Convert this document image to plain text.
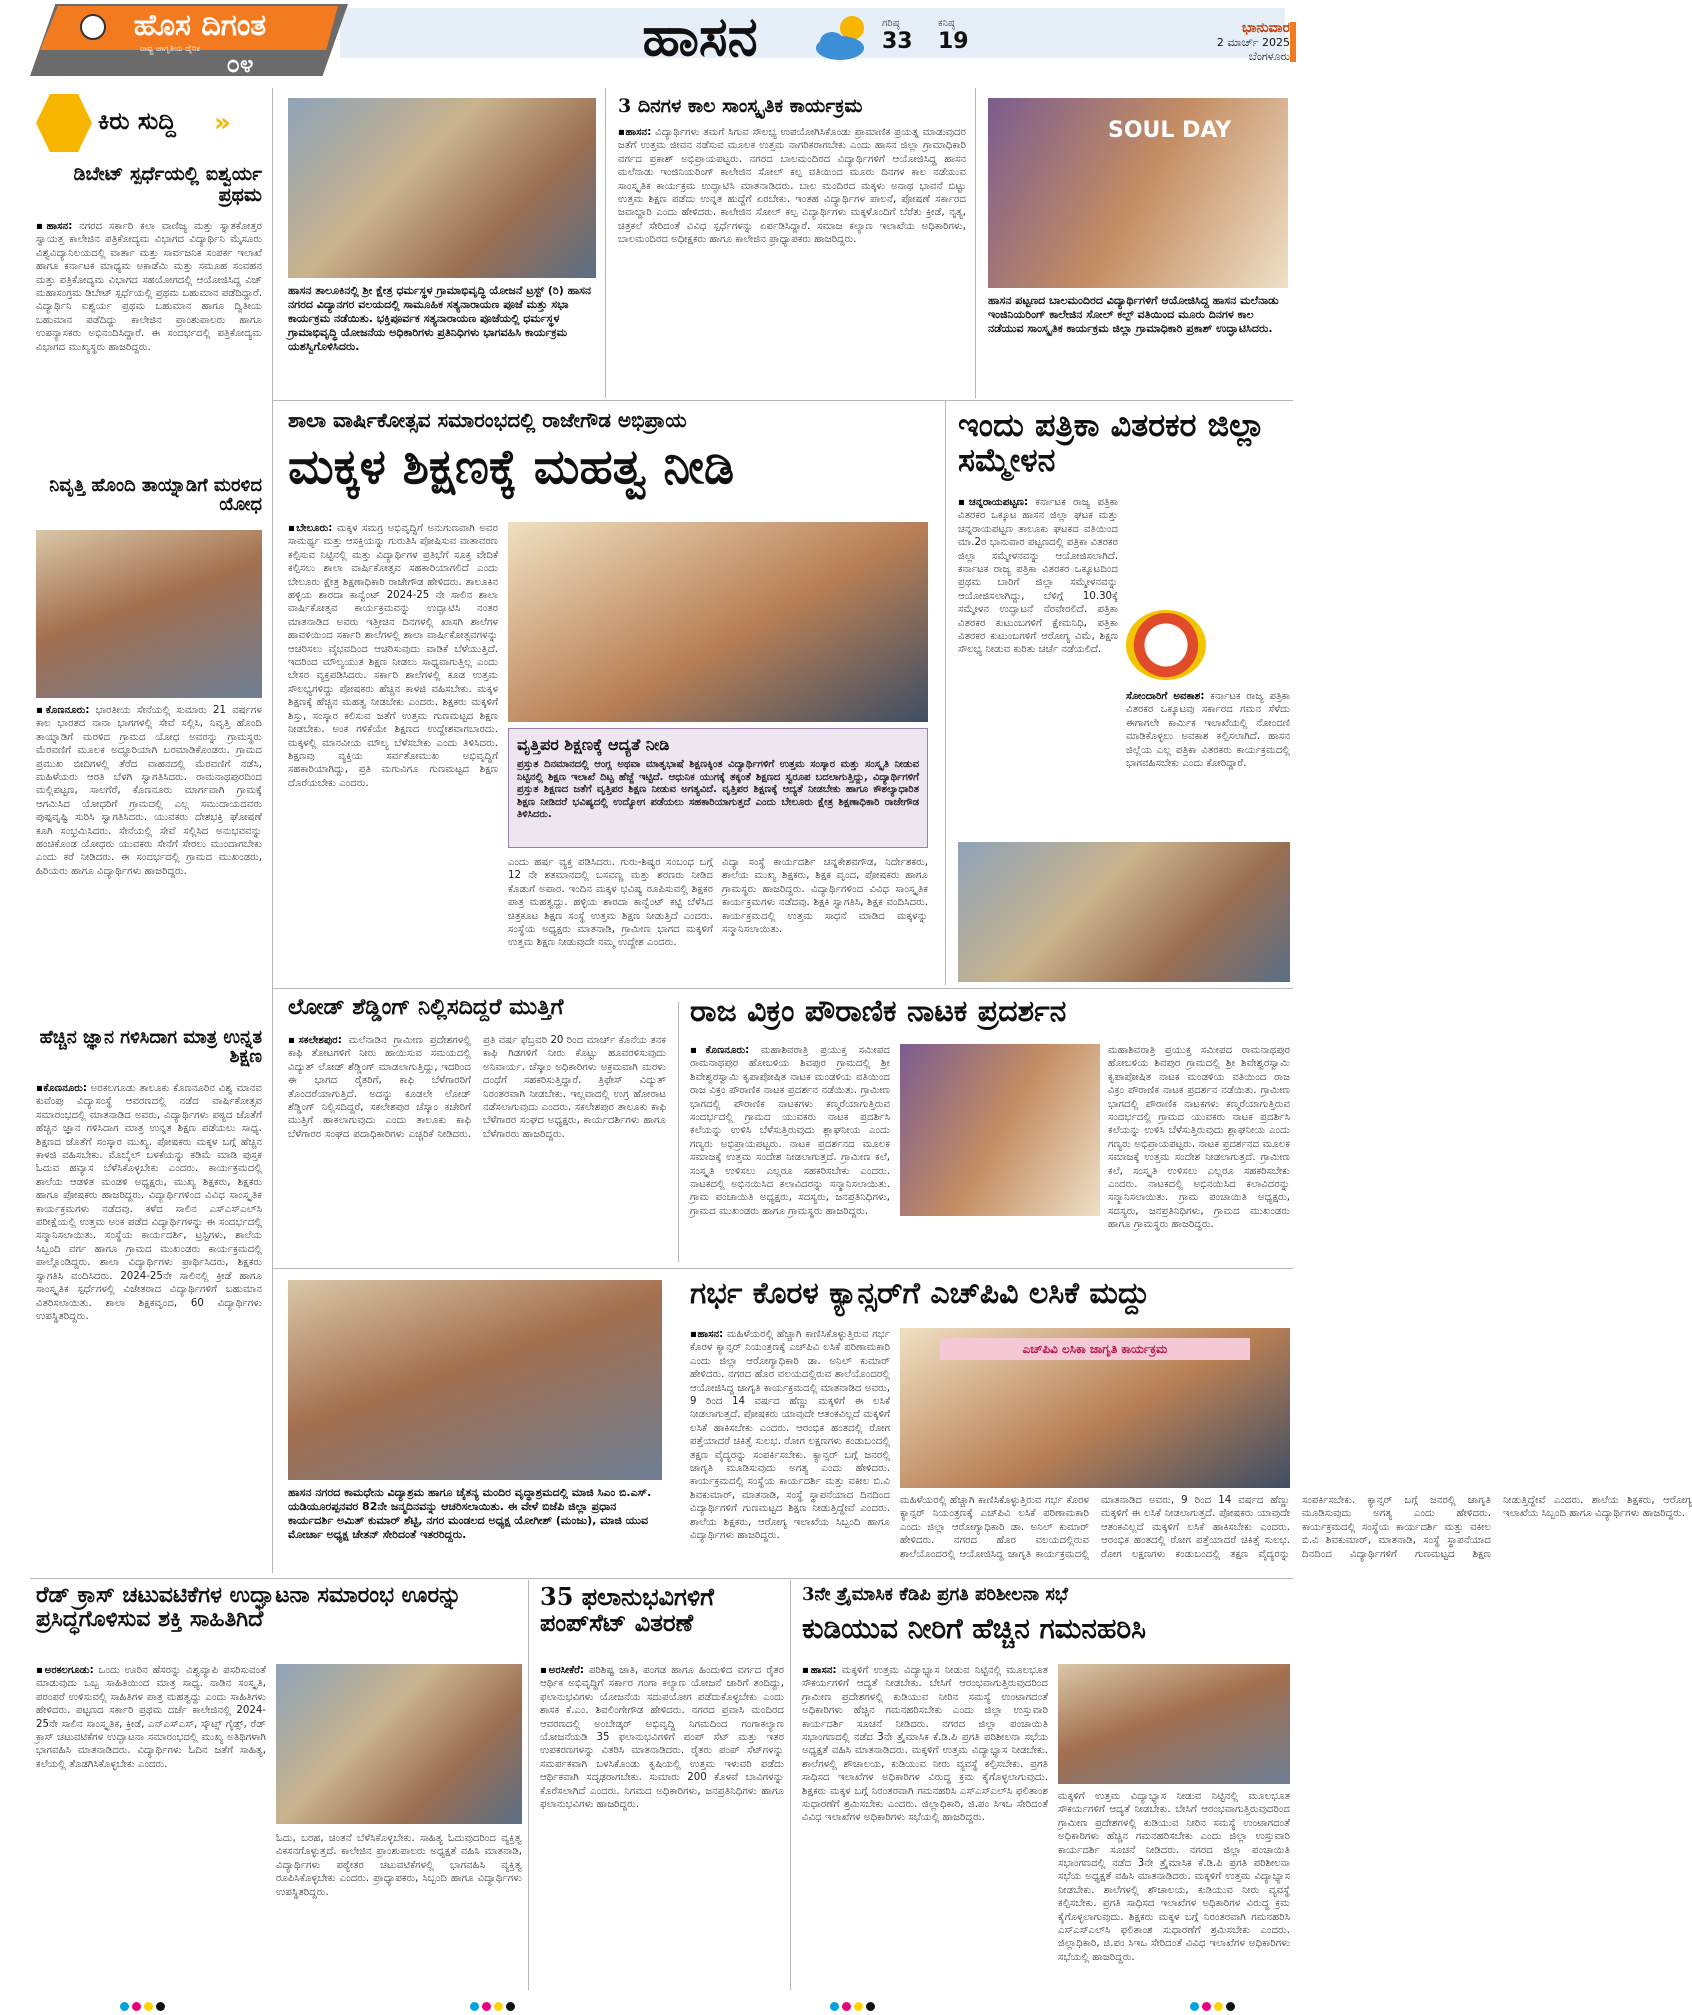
ಹೊಸ ದಿಗಂತ
ರಾಷ್ಟ್ರ ಜಾಗೃತಿಯ ದೈನಿಕ
೦೪	ಹಾಸನ	ಗರಿಷ್ಠ
33
ಕನಿಷ್ಠ
19
ಭಾನುವಾರ
2 ಮಾರ್ಚ್ 2025
ಬೆಂಗಳೂರು
ಕಿರು ಸುದ್ದಿ	»
ಡಿಬೇಟ್ ಸ್ಪರ್ಧೆಯಲ್ಲಿ ಐಶ್ವರ್ಯ ಪ್ರಥಮ
▪ಹಾಸನ: ನಗರದ ಸರ್ಕಾರಿ ಕಲಾ ವಾಣಿಜ್ಯ ಮತ್ತು ಸ್ನಾತಕೋತ್ತರ ಸ್ವಾಯತ್ತ ಕಾಲೇಜಿನ ಪತ್ರಿಕೋದ್ಯಮ ವಿಭಾಗದ ವಿದ್ಯಾರ್ಥಿನಿ ಮೈಸೂರು ವಿಶ್ವವಿದ್ಯಾನಿಲಯದಲ್ಲಿ ವಾರ್ತಾ ಮತ್ತು ಸಾರ್ವಜನಿಕ ಸಂಪರ್ಕ ಇಲಾಖೆ ಹಾಗೂ ಕರ್ನಾಟಕ ಮಾಧ್ಯಮ ಅಕಾಡೆಮಿ ಮತ್ತು ಸಮೂಹ ಸಂವಹನ ಮತ್ತು ಪತ್ರಿಕೋದ್ಯಮ ವಿಭಾಗದ ಸಹಯೋಗದಲ್ಲಿ ಆಯೋಜಿಸಿದ್ದ ವಿಜ್ ಮಹಾಸಂಗ್ರಮ ಡಿಬೇಟ್ ಸ್ಪರ್ಧೆಯಲ್ಲಿ ಪ್ರಥಮ ಬಹುಮಾನ ಪಡೆದಿದ್ದಾರೆ. ವಿದ್ಯಾರ್ಥಿನಿ ಐಶ್ವರ್ಯ ಪ್ರಥಮ ಬಹುಮಾನ ಹಾಗೂ ದ್ವಿತೀಯ ಬಹುಮಾನ ಪಡೆದಿದ್ದು ಕಾಲೇಜಿನ ಪ್ರಾಂಶುಪಾಲರು ಹಾಗೂ ಉಪನ್ಯಾಸಕರು ಅಭಿನಂದಿಸಿದ್ದಾರೆ. ಈ ಸಂದರ್ಭದಲ್ಲಿ ಪತ್ರಿಕೋದ್ಯಮ ವಿಭಾಗದ ಮುಖ್ಯಸ್ಥರು ಹಾಜರಿದ್ದರು.
ನಿವೃತ್ತಿ ಹೊಂದಿ ತಾಯ್ನಾಡಿಗೆ ಮರಳಿದ ಯೋಧ
▪ಕೊಣನೂರು: ಭಾರತೀಯ ಸೇನೆಯಲ್ಲಿ ಸುಮಾರು 21 ವರ್ಷಗಳ ಕಾಲ ಭಾರತದ ನಾನಾ ಭಾಗಗಳಲ್ಲಿ ಸೇವೆ ಸಲ್ಲಿಸಿ, ನಿವೃತ್ತಿ ಹೊಂದಿ ತಾಯ್ನಾಡಿಗೆ ಮರಳಿದ ಗ್ರಾಮದ ಯೋಧ ಅವರನ್ನು ಗ್ರಾಮಸ್ಥರು ಮೆರವಣಿಗೆ ಮೂಲಕ ಅದ್ದೂರಿಯಾಗಿ ಬರಮಾಡಿಕೊಂಡರು. ಗ್ರಾಮದ ಪ್ರಮುಖ ಬೀದಿಗಳಲ್ಲಿ ತೆರೆದ ವಾಹನದಲ್ಲಿ ಮೆರವಣಿಗೆ ನಡೆಸಿ, ಮಹಿಳೆಯರು ಆರತಿ ಬೆಳಗಿ ಸ್ವಾಗತಿಸಿದರು. ರಾಮನಾಥಪುರದಿಂದ ಮಲ್ಲಿಪಟ್ಟಣ, ಸಾಲಗೆರೆ, ಕೊಣನೂರು ಮಾರ್ಗವಾಗಿ ಗ್ರಾಮಕ್ಕೆ ಆಗಮಿಸಿದ ಯೋಧರಿಗೆ ಗ್ರಾಮದಲ್ಲಿ ಎಲ್ಲ ಸಮುದಾಯದವರು ಪುಷ್ಪವೃಷ್ಟಿ ಸುರಿಸಿ ಸ್ವಾಗತಿಸಿದರು. ಯುವಕರು ದೇಶಭಕ್ತಿ ಘೋಷಣೆ ಕೂಗಿ ಸಂಭ್ರಮಿಸಿದರು. ಸೇನೆಯಲ್ಲಿ ಸೇವೆ ಸಲ್ಲಿಸಿದ ಅನುಭವವನ್ನು ಹಂಚಿಕೊಂಡ ಯೋಧರು ಯುವಕರು ಸೇನೆಗೆ ಸೇರಲು ಮುಂದಾಗಬೇಕು ಎಂದು ಕರೆ ನೀಡಿದರು. ಈ ಸಂದರ್ಭದಲ್ಲಿ ಗ್ರಾಮದ ಮುಖಂಡರು, ಹಿರಿಯರು ಹಾಗೂ ವಿದ್ಯಾರ್ಥಿಗಳು ಹಾಜರಿದ್ದರು.
ಹೆಚ್ಚಿನ ಜ್ಞಾನ ಗಳಿಸಿದಾಗ ಮಾತ್ರ ಉನ್ನತ ಶಿಕ್ಷಣ
▪ಕೊಣನೂರು: ಅರಕಲಗೂಡು ತಾಲೂಕು ಕೊಣನೂರಿನ ವಿಶ್ವ ಮಾನವ ಕುವೆಂಪು ವಿದ್ಯಾಸಂಸ್ಥೆ ಆವರಣದಲ್ಲಿ ನಡೆದ ವಾರ್ಷಿಕೋತ್ಸವ ಸಮಾರಂಭದಲ್ಲಿ ಮಾತನಾಡಿದ ಅವರು, ವಿದ್ಯಾರ್ಥಿಗಳು ಪಠ್ಯದ ಜೊತೆಗೆ ಹೆಚ್ಚಿನ ಜ್ಞಾನ ಗಳಿಸಿದಾಗ ಮಾತ್ರ ಉನ್ನತ ಶಿಕ್ಷಣ ಪಡೆಯಲು ಸಾಧ್ಯ. ಶಿಕ್ಷಣದ ಜೊತೆಗೆ ಸಂಸ್ಕಾರ ಮುಖ್ಯ. ಪೋಷಕರು ಮಕ್ಕಳ ಬಗ್ಗೆ ಹೆಚ್ಚಿನ ಕಾಳಜಿ ವಹಿಸಬೇಕು. ಮೊಬೈಲ್ ಬಳಕೆಯನ್ನು ಕಡಿಮೆ ಮಾಡಿ ಪುಸ್ತಕ ಓದುವ ಹವ್ಯಾಸ ಬೆಳೆಸಿಕೊಳ್ಳಬೇಕು ಎಂದರು. ಕಾರ್ಯಕ್ರಮದಲ್ಲಿ ಶಾಲೆಯ ಆಡಳಿತ ಮಂಡಳಿ ಅಧ್ಯಕ್ಷರು, ಮುಖ್ಯ ಶಿಕ್ಷಕರು, ಶಿಕ್ಷಕರು ಹಾಗೂ ಪೋಷಕರು ಹಾಜರಿದ್ದರು. ವಿದ್ಯಾರ್ಥಿಗಳಿಂದ ವಿವಿಧ ಸಾಂಸ್ಕೃತಿಕ ಕಾರ್ಯಕ್ರಮಗಳು ನಡೆದವು. ಕಳೆದ ಸಾಲಿನ ಎಸ್‌ಎಸ್‌ಎಲ್‌ಸಿ ಪರೀಕ್ಷೆಯಲ್ಲಿ ಉತ್ತಮ ಅಂಕ ಪಡೆದ ವಿದ್ಯಾರ್ಥಿಗಳನ್ನು ಈ ಸಂದರ್ಭದಲ್ಲಿ ಸನ್ಮಾನಿಸಲಾಯಿತು. ಸಂಸ್ಥೆಯ ಕಾರ್ಯದರ್ಶಿ, ಟ್ರಸ್ಟಿಗಳು, ಶಾಲೆಯ ಸಿಬ್ಬಂದಿ ವರ್ಗ ಹಾಗೂ ಗ್ರಾಮದ ಮುಖಂಡರು ಕಾರ್ಯಕ್ರಮದಲ್ಲಿ ಪಾಲ್ಗೊಂಡಿದ್ದರು. ಶಾಲಾ ವಿದ್ಯಾರ್ಥಿಗಳು ಪ್ರಾರ್ಥಿಸಿದರು, ಶಿಕ್ಷಕರು ಸ್ವಾಗತಿಸಿ ವಂದಿಸಿದರು. 2024-25ನೇ ಸಾಲಿನಲ್ಲಿ ಕ್ರೀಡೆ ಹಾಗೂ ಸಾಂಸ್ಕೃತಿಕ ಸ್ಪರ್ಧೆಗಳಲ್ಲಿ ವಿಜೇತರಾದ ವಿದ್ಯಾರ್ಥಿಗಳಿಗೆ ಬಹುಮಾನ ವಿತರಿಸಲಾಯಿತು. ಶಾಲಾ ಶಿಕ್ಷಕವೃಂದ, 60 ವಿದ್ಯಾರ್ಥಿಗಳು ಉಪಸ್ಥಿತರಿದ್ದರು.
ಹಾಸನ ತಾಲೂಕಿನಲ್ಲಿ ಶ್ರೀ ಕ್ಷೇತ್ರ ಧರ್ಮಸ್ಥಳ ಗ್ರಾಮಾಭಿವೃದ್ಧಿ ಯೋಜನೆ ಟ್ರಸ್ಟ್ (ರಿ) ಹಾಸನ ನಗರದ ವಿದ್ಯಾನಗರ ವಲಯದಲ್ಲಿ ಸಾಮೂಹಿಕ ಸತ್ಯನಾರಾಯಣ ಪೂಜೆ ಮತ್ತು ಸಭಾ ಕಾರ್ಯಕ್ರಮ ನಡೆಯಿತು. ಭಕ್ತಿಪೂರ್ವಕ ಸತ್ಯನಾರಾಯಣ ಪೂಜೆಯಲ್ಲಿ ಧರ್ಮಸ್ಥಳ ಗ್ರಾಮಾಭಿವೃದ್ಧಿ ಯೋಜನೆಯ ಅಧಿಕಾರಿಗಳು ಪ್ರತಿನಿಧಿಗಳು ಭಾಗವಹಿಸಿ ಕಾರ್ಯಕ್ರಮ ಯಶಸ್ವಿಗೊಳಿಸಿದರು.
3 ದಿನಗಳ ಕಾಲ ಸಾಂಸ್ಕೃತಿಕ ಕಾರ್ಯಕ್ರಮ
▪ಹಾಸನ: ವಿದ್ಯಾರ್ಥಿಗಳು ತಮಗೆ ಸಿಗುವ ಸೌಲಭ್ಯ ಉಪಯೋಗಿಸಿಕೊಂಡು ಪ್ರಾಮಾಣಿಕ ಪ್ರಯತ್ನ ಮಾಡುವುದರ ಜತೆಗೆ ಉತ್ತಮ ಜೀವನ ನಡೆಸುವ ಮೂಲಕ ಉತ್ತಮ ನಾಗರಿಕರಾಗಬೇಕು ಎಂದು ಹಾಸನ ಜಿಲ್ಲಾ ಗ್ರಾಮಾಧಿಕಾರಿ ವರ್ಗದ ಪ್ರಕಾಶ್ ಅಭಿಪ್ರಾಯಪಟ್ಟರು. ನಗರದ ಬಾಲಮಂದಿರದ ವಿದ್ಯಾರ್ಥಿಗಳಿಗೆ ಆಯೋಜಿಸಿದ್ದ ಹಾಸನ ಮಲೆನಾಡು ಇಂಜಿನಿಯರಿಂಗ್ ಕಾಲೇಜಿನ ಸೋಲ್ ಕಲ್ಪ ವತಿಯಿಂದ ಮೂರು ದಿನಗಳ ಕಾಲ ನಡೆಯುವ ಸಾಂಸ್ಕೃತಿಕ ಕಾರ್ಯಕ್ರಮ ಉದ್ಘಾಟಿಸಿ ಮಾತನಾಡಿದರು. ಬಾಲ ಮಂದಿರದ ಮಕ್ಕಳು ಅನಾಥ ಭಾವನೆ ಬಿಟ್ಟು ಉತ್ತಮ ಶಿಕ್ಷಣ ಪಡೆದು ಉನ್ನತ ಹುದ್ದೆಗೆ ಏರಬೇಕು. ಇಂತಹ ವಿದ್ಯಾರ್ಥಿಗಳ ಪಾಲನೆ, ಪೋಷಣೆ ಸರ್ಕಾರದ ಜವಾಬ್ದಾರಿ ಎಂದು ಹೇಳಿದರು. ಕಾಲೇಜಿನ ಸೋಲ್ ಕಲ್ಪ ವಿದ್ಯಾರ್ಥಿಗಳು ಮಕ್ಕಳೊಂದಿಗೆ ಬೆರೆತು ಕ್ರೀಡೆ, ನೃತ್ಯ, ಚಿತ್ರಕಲೆ ಸೇರಿದಂತೆ ವಿವಿಧ ಸ್ಪರ್ಧೆಗಳನ್ನು ಏರ್ಪಡಿಸಿದ್ದಾರೆ. ಸಮಾಜ ಕಲ್ಯಾಣ ಇಲಾಖೆಯ ಅಧಿಕಾರಿಗಳು, ಬಾಲಮಂದಿರದ ಅಧೀಕ್ಷಕರು ಹಾಗೂ ಕಾಲೇಜಿನ ಪ್ರಾಧ್ಯಾಪಕರು ಹಾಜರಿದ್ದರು.
SOUL DAY
ಹಾಸನ ಪಟ್ಟಣದ ಬಾಲಮಂದಿರದ ವಿದ್ಯಾರ್ಥಿಗಳಿಗೆ ಆಯೋಜಿಸಿದ್ದ ಹಾಸನ ಮಲೆನಾಡು ಇಂಜಿನಿಯರಿಂಗ್ ಕಾಲೇಜಿನ ಸೋಲ್ ಕಲ್ಪ್ ವತಿಯಿಂದ ಮೂರು ದಿನಗಳ ಕಾಲ ನಡೆಯುವ ಸಾಂಸ್ಕೃತಿಕ ಕಾರ್ಯಕ್ರಮ ಜಿಲ್ಲಾ ಗ್ರಾಮಾಧಿಕಾರಿ ಪ್ರಕಾಶ್ ಉದ್ಘಾಟಿಸಿದರು.
ಶಾಲಾ ವಾರ್ಷಿಕೋತ್ಸವ ಸಮಾರಂಭದಲ್ಲಿ ರಾಜೇಗೌಡ ಅಭಿಪ್ರಾಯ
ಮಕ್ಕಳ ಶಿಕ್ಷಣಕ್ಕೆ ಮಹತ್ವ ನೀಡಿ
▪ಬೇಲೂರು: ಮಕ್ಕಳ ಸಮಗ್ರ ಅಭಿವೃದ್ಧಿಗೆ ಅನುಗುಣವಾಗಿ ಅವರ ಸಾಮರ್ಥ್ಯ ಮತ್ತು ಆಸಕ್ತಿಯನ್ನು ಗುರುತಿಸಿ ಪೋಷಿಸುವ ವಾತಾವರಣ ಕಲ್ಪಿಸುವ ನಿಟ್ಟಿನಲ್ಲಿ ಮತ್ತು ವಿದ್ಯಾರ್ಥಿಗಳ ಪ್ರತಿಭೆಗೆ ಸೂಕ್ತ ವೇದಿಕೆ ಕಲ್ಪಿಸಲು ಶಾಲಾ ವಾರ್ಷಿಕೋತ್ಸವ ಸಹಕಾರಿಯಾಗಲಿದೆ ಎಂದು ಬೇಲೂರು ಕ್ಷೇತ್ರ ಶಿಕ್ಷಣಾಧಿಕಾರಿ ರಾಜೇಗೌಡ ಹೇಳಿದರು. ತಾಲೂಕಿನ ಹಳ್ಳಿಯ ಶಾರದಾ ಕಾನ್ವೆಂಟ್ 2024-25 ನೇ ಸಾಲಿನ ಶಾಲಾ ವಾರ್ಷಿಕೋತ್ಸವ ಕಾರ್ಯಕ್ರಮವನ್ನು ಉದ್ಘಾಟಿಸಿ ನಂತರ ಮಾತನಾಡಿದ ಅವರು ಇತ್ತೀಚಿನ ದಿನಗಳಲ್ಲಿ ಖಾಸಗಿ ಶಾಲೆಗಳ ಹಾವಳಿಯಿಂದ ಸರ್ಕಾರಿ ಶಾಲೆಗಳಲ್ಲಿ ಶಾಲಾ ವಾರ್ಷಿಕೋತ್ಸವಗಳನ್ನು ಆಚರಿಸಲು ವೈಭವದಿಂದ ಆಚರಿಸುವುದು ವಾಡಿಕೆ ಬೆಳೆಯುತ್ತಿದೆ. ಇದರಿಂದ ಮೌಲ್ಯಯುತ ಶಿಕ್ಷಣ ನೀಡಲು ಸಾಧ್ಯವಾಗುತ್ತಿಲ್ಲ ಎಂದು ಬೇಸರ ವ್ಯಕ್ತಪಡಿಸಿದರು. ಸರ್ಕಾರಿ ಶಾಲೆಗಳಲ್ಲಿ ಕೂಡ ಉತ್ತಮ ಸೌಲಭ್ಯಗಳಿದ್ದು ಪೋಷಕರು ಹೆಚ್ಚಿನ ಕಾಳಜಿ ವಹಿಸಬೇಕು. ಮಕ್ಕಳ ಶಿಕ್ಷಣಕ್ಕೆ ಹೆಚ್ಚಿನ ಮಹತ್ವ ನೀಡಬೇಕು ಎಂದರು. ಶಿಕ್ಷಕರು ಮಕ್ಕಳಿಗೆ ಶಿಸ್ತು, ಸಂಸ್ಕಾರ ಕಲಿಸುವ ಜತೆಗೆ ಉತ್ತಮ ಗುಣಮಟ್ಟದ ಶಿಕ್ಷಣ ನೀಡಬೇಕು. ಅಂಕ ಗಳಿಕೆಯೇ ಶಿಕ್ಷಣದ ಉದ್ದೇಶವಾಗಬಾರದು. ಮಕ್ಕಳಲ್ಲಿ ಮಾನವೀಯ ಮೌಲ್ಯ ಬೆಳೆಸಬೇಕು ಎಂದು ತಿಳಿಸಿದರು. ಶಿಕ್ಷಣವು ವ್ಯಕ್ತಿಯ ಸರ್ವತೋಮುಖ ಅಭಿವೃದ್ಧಿಗೆ ಸಹಕಾರಿಯಾಗಿದ್ದು, ಪ್ರತಿ ಮಗುವಿಗೂ ಗುಣಮಟ್ಟದ ಶಿಕ್ಷಣ ದೊರೆಯಬೇಕು ಎಂದರು.
ವೃತ್ತಿಪರ ಶಿಕ್ಷಣಕ್ಕೆ ಆದ್ಯತೆ ನೀಡಿ
ಪ್ರಸ್ತುತ ದಿನಮಾನದಲ್ಲಿ ಆಂಗ್ಲ ಅಥವಾ ಮಾತೃಭಾಷೆ ಶಿಕ್ಷಣಕ್ಕಿಂತ ವಿದ್ಯಾರ್ಥಿಗಳಿಗೆ ಉತ್ತಮ ಸಂಸ್ಕಾರ ಮತ್ತು ಸಂಸ್ಕೃತಿ ನೀಡುವ ನಿಟ್ಟಿನಲ್ಲಿ ಶಿಕ್ಷಣ ಇಲಾಖೆ ದಿಟ್ಟ ಹೆಜ್ಜೆ ಇಟ್ಟಿದೆ. ಆಧುನಿಕ ಯುಗಕ್ಕೆ ತಕ್ಕಂತೆ ಶಿಕ್ಷಣದ ಸ್ವರೂಪ ಬದಲಾಗುತ್ತಿದ್ದು, ವಿದ್ಯಾರ್ಥಿಗಳಿಗೆ ಪ್ರಸ್ತುತ ಶಿಕ್ಷಣದ ಜತೆಗೆ ವೃತ್ತಿಪರ ಶಿಕ್ಷಣ ನೀಡುವ ಅಗತ್ಯವಿದೆ. ವೃತ್ತಿಪರ ಶಿಕ್ಷಣಕ್ಕೆ ಆದ್ಯತೆ ನೀಡಬೇಕು ಹಾಗೂ ಕೌಶಲ್ಯಾಧಾರಿತ ಶಿಕ್ಷಣ ನೀಡಿದರೆ ಭವಿಷ್ಯದಲ್ಲಿ ಉದ್ಯೋಗ ಪಡೆಯಲು ಸಹಕಾರಿಯಾಗುತ್ತದೆ ಎಂದು ಬೇಲೂರು ಕ್ಷೇತ್ರ ಶಿಕ್ಷಣಾಧಿಕಾರಿ ರಾಜೇಗೌಡ ತಿಳಿಸಿದರು.
ಎಂದು ಹರ್ಷ ವ್ಯಕ್ತ ಪಡಿಸಿದರು. ಗುರು-ಶಿಷ್ಯರ ಸಂಬಂಧ ಬಗ್ಗೆ 12 ನೇ ಶತಮಾನದಲ್ಲಿ ಬಸವಣ್ಣ ಮತ್ತು ಶರಣರು ನೀಡಿದ ಕೊಡುಗೆ ಅಪಾರ. ಇಂದಿನ ಮಕ್ಕಳ ಭವಿಷ್ಯ ರೂಪಿಸುವಲ್ಲಿ ಶಿಕ್ಷಕರ ಪಾತ್ರ ಮಹತ್ವದ್ದು. ಹಳ್ಳಿಯ ಶಾರದಾ ಕಾನ್ವೆಂಟ್ ಕಟ್ಟಿ ಬೆಳೆಸಿದ ಚಿತ್ರಕೂಟ ಶಿಕ್ಷಣ ಸಂಸ್ಥೆ ಉತ್ತಮ ಶಿಕ್ಷಣ ನೀಡುತ್ತಿದೆ ಎಂದರು. ಸಂಸ್ಥೆಯ ಅಧ್ಯಕ್ಷರು ಮಾತನಾಡಿ, ಗ್ರಾಮೀಣ ಭಾಗದ ಮಕ್ಕಳಿಗೆ ಉತ್ತಮ ಶಿಕ್ಷಣ ನೀಡುವುದೇ ನಮ್ಮ ಉದ್ದೇಶ ಎಂದರು.
ವಿದ್ಯಾ ಸಂಸ್ಥೆ ಕಾರ್ಯದರ್ಶಿ ಚನ್ನಕೇಶವಗೌಡ, ನಿರ್ದೇಶಕರು, ಶಾಲೆಯ ಮುಖ್ಯ ಶಿಕ್ಷಕರು, ಶಿಕ್ಷಕ ವೃಂದ, ಪೋಷಕರು ಹಾಗೂ ಗ್ರಾಮಸ್ಥರು ಹಾಜರಿದ್ದರು. ವಿದ್ಯಾರ್ಥಿಗಳಿಂದ ವಿವಿಧ ಸಾಂಸ್ಕೃತಿಕ ಕಾರ್ಯಕ್ರಮಗಳು ನಡೆದವು. ಶಿಕ್ಷಕಿ ಸ್ವಾಗತಿಸಿ, ಶಿಕ್ಷಕ ವಂದಿಸಿದರು. ಕಾರ್ಯಕ್ರಮದಲ್ಲಿ ಉತ್ತಮ ಸಾಧನೆ ಮಾಡಿದ ಮಕ್ಕಳನ್ನು ಸನ್ಮಾನಿಸಲಾಯಿತು.
ಇಂದು ಪತ್ರಿಕಾ ವಿತರಕರ ಜಿಲ್ಲಾ ಸಮ್ಮೇಳನ
▪ಚನ್ನರಾಯಪಟ್ಟಣ: ಕರ್ನಾಟಕ ರಾಜ್ಯ ಪತ್ರಿಕಾ ವಿತರಕರ ಒಕ್ಕೂಟ ಹಾಸನ ಜಿಲ್ಲಾ ಘಟಕ ಮತ್ತು ಚನ್ನರಾಯಪಟ್ಟಣ ತಾಲೂಕು ಘಟಕದ ವತಿಯಿಂದ ಮಾ.2ರ ಭಾನುವಾರ ಪಟ್ಟಣದಲ್ಲಿ ಪತ್ರಿಕಾ ವಿತರಕರ ಜಿಲ್ಲಾ ಸಮ್ಮೇಳನವನ್ನು ಆಯೋಜಿಸಲಾಗಿದೆ. ಕರ್ನಾಟಕ ರಾಜ್ಯ ಪತ್ರಿಕಾ ವಿತರಕರ ಒಕ್ಕೂಟದಿಂದ ಪ್ರಥಮ ಬಾರಿಗೆ ಜಿಲ್ಲಾ ಸಮ್ಮೇಳನವನ್ನು ಆಯೋಜಿಸಲಾಗಿದ್ದು, ಬೆಳಿಗ್ಗೆ 10.30ಕ್ಕೆ ಸಮ್ಮೇಳನ ಉದ್ಘಾಟನೆ ನೆರವೇರಲಿದೆ. ಪತ್ರಿಕಾ ವಿತರಕರ ಕುಟುಂಬಗಳಿಗೆ ಕ್ಷೇಮನಿಧಿ, ಪತ್ರಿಕಾ ವಿತರಕರ ಕುಟುಂಬಗಳಿಗೆ ಆರೋಗ್ಯ ವಿಮೆ, ಶಿಕ್ಷಣ ಸೌಲಭ್ಯ ನೀಡುವ ಕುರಿತು ಚರ್ಚೆ ನಡೆಯಲಿದೆ.
ಸೋಂದಾರಿಗೆ ಅವಕಾಶ: ಕರ್ನಾಟಕ ರಾಜ್ಯ ಪತ್ರಿಕಾ ವಿತರಕರ ಒಕ್ಕೂಟವು ಸರ್ಕಾರದ ಗಮನ ಸೆಳೆದು ಈಗಾಗಲೇ ಕಾರ್ಮಿಕ ಇಲಾಖೆಯಲ್ಲಿ ನೋಂದಣಿ ಮಾಡಿಕೊಳ್ಳಲು ಅವಕಾಶ ಕಲ್ಪಿಸಲಾಗಿದೆ. ಹಾಸನ ಜಿಲ್ಲೆಯ ಎಲ್ಲ ಪತ್ರಿಕಾ ವಿತರಕರು ಕಾರ್ಯಕ್ರಮದಲ್ಲಿ ಭಾಗವಹಿಸಬೇಕು ಎಂದು ಕೋರಿದ್ದಾರೆ.
ಲೋಡ್ ಶೆಡ್ಡಿಂಗ್ ನಿಲ್ಲಿಸದಿದ್ದರೆ ಮುತ್ತಿಗೆ
▪ಸಕಲೇಶಪುರ: ಮಲೆನಾಡಿನ ಗ್ರಾಮೀಣ ಪ್ರದೇಶಗಳಲ್ಲಿ ಕಾಫಿ ತೋಟಗಳಿಗೆ ನೀರು ಹಾಯಿಸುವ ಸಮಯದಲ್ಲಿ ವಿದ್ಯುತ್ ಲೋಡ್ ಶೆಡ್ಡಿಂಗ್ ಮಾಡಲಾಗುತ್ತಿದ್ದು, ಇದರಿಂದ ಈ ಭಾಗದ ರೈತರಿಗೆ, ಕಾಫಿ ಬೆಳೆಗಾರರಿಗೆ ತೊಂದರೆಯಾಗುತ್ತಿದೆ. ಅದನ್ನು ಕೂಡಲೇ ಲೋಡ್ ಶೆಡ್ಡಿಂಗ್ ನಿಲ್ಲಿಸದಿದ್ದರೆ, ಸಕಲೇಶಪುರ ಚೆಸ್ಕಾಂ ಕಚೇರಿಗೆ ಮುತ್ತಿಗೆ ಹಾಕಲಾಗುವುದು ಎಂದು ತಾಲೂಕು ಕಾಫಿ ಬೆಳೆಗಾರರ ಸಂಘದ ಪದಾಧಿಕಾರಿಗಳು ಎಚ್ಚರಿಕೆ ನೀಡಿದರು. ಪ್ರತಿ ವರ್ಷ ಫೆಬ್ರವರಿ 20 ರಿಂದ ಮಾರ್ಚ್ ಕೊನೆಯ ತನಕ ಕಾಫಿ ಗಿಡಗಳಿಗೆ ನೀರು ಕೊಟ್ಟು ಹೂವರಳಿಸುವುದು ಅನಿವಾರ್ಯ. ಚೆಸ್ಕಾಂ ಅಧಿಕಾರಿಗಳು ಅಕ್ರಮವಾಗಿ ಮರಳು ದಂಧೆಗೆ ಸಹಕರಿಸುತ್ತಿದ್ದಾರೆ. ತ್ರಿಫೇಸ್ ವಿದ್ಯುತ್ ನಿರಂತರವಾಗಿ ನೀಡಬೇಕು. ಇಲ್ಲವಾದಲ್ಲಿ ಉಗ್ರ ಹೋರಾಟ ನಡೆಸಲಾಗುವುದು ಎಂದರು. ಸಕಲೇಶಪುರ ತಾಲೂಕು ಕಾಫಿ ಬೆಳೆಗಾರರ ಸಂಘದ ಅಧ್ಯಕ್ಷರು, ಕಾರ್ಯದರ್ಶಿಗಳು ಹಾಗೂ ಬೆಳೆಗಾರರು ಹಾಜರಿದ್ದರು.
ರಾಜ ವಿಕ್ರಂ ಪೌರಾಣಿಕ ನಾಟಕ ಪ್ರದರ್ಶನ
▪ಕೊಣನೂರು: ಮಹಾಶಿವರಾತ್ರಿ ಪ್ರಯುಕ್ತ ಸಮೀಪದ ರಾಮನಾಥಪುರ ಹೋಬಳಿಯ ಶಿವಪುರ ಗ್ರಾಮದಲ್ಲಿ ಶ್ರೀ ಶಿವೇಶ್ವರಸ್ವಾಮಿ ಕೃಪಾಪೋಷಿತ ನಾಟಕ ಮಂಡಳಿಯ ವತಿಯಿಂದ ರಾಜ ವಿಕ್ರಂ ಪೌರಾಣಿಕ ನಾಟಕ ಪ್ರದರ್ಶನ ನಡೆಯಿತು. ಗ್ರಾಮೀಣ ಭಾಗದಲ್ಲಿ ಪೌರಾಣಿಕ ನಾಟಕಗಳು ಕಣ್ಮರೆಯಾಗುತ್ತಿರುವ ಸಂದರ್ಭದಲ್ಲಿ ಗ್ರಾಮದ ಯುವಕರು ನಾಟಕ ಪ್ರದರ್ಶಿಸಿ ಕಲೆಯನ್ನು ಉಳಿಸಿ ಬೆಳೆಸುತ್ತಿರುವುದು ಶ್ಲಾಘನೀಯ ಎಂದು ಗಣ್ಯರು ಅಭಿಪ್ರಾಯಪಟ್ಟರು. ನಾಟಕ ಪ್ರದರ್ಶನದ ಮೂಲಕ ಸಮಾಜಕ್ಕೆ ಉತ್ತಮ ಸಂದೇಶ ನೀಡಲಾಗುತ್ತದೆ. ಗ್ರಾಮೀಣ ಕಲೆ, ಸಂಸ್ಕೃತಿ ಉಳಿಸಲು ಎಲ್ಲರೂ ಸಹಕರಿಸಬೇಕು ಎಂದರು. ನಾಟಕದಲ್ಲಿ ಅಭಿನಯಿಸಿದ ಕಲಾವಿದರನ್ನು ಸನ್ಮಾನಿಸಲಾಯಿತು. ಗ್ರಾಮ ಪಂಚಾಯಿತಿ ಅಧ್ಯಕ್ಷರು, ಸದಸ್ಯರು, ಜನಪ್ರತಿನಿಧಿಗಳು, ಗ್ರಾಮದ ಮುಖಂಡರು ಹಾಗೂ ಗ್ರಾಮಸ್ಥರು ಹಾಜರಿದ್ದರು.
ಮಹಾಶಿವರಾತ್ರಿ ಪ್ರಯುಕ್ತ ಸಮೀಪದ ರಾಮನಾಥಪುರ ಹೋಬಳಿಯ ಶಿವಪುರ ಗ್ರಾಮದಲ್ಲಿ ಶ್ರೀ ಶಿವೇಶ್ವರಸ್ವಾಮಿ ಕೃಪಾಪೋಷಿತ ನಾಟಕ ಮಂಡಳಿಯ ವತಿಯಿಂದ ರಾಜ ವಿಕ್ರಂ ಪೌರಾಣಿಕ ನಾಟಕ ಪ್ರದರ್ಶನ ನಡೆಯಿತು. ಗ್ರಾಮೀಣ ಭಾಗದಲ್ಲಿ ಪೌರಾಣಿಕ ನಾಟಕಗಳು ಕಣ್ಮರೆಯಾಗುತ್ತಿರುವ ಸಂದರ್ಭದಲ್ಲಿ ಗ್ರಾಮದ ಯುವಕರು ನಾಟಕ ಪ್ರದರ್ಶಿಸಿ ಕಲೆಯನ್ನು ಉಳಿಸಿ ಬೆಳೆಸುತ್ತಿರುವುದು ಶ್ಲಾಘನೀಯ ಎಂದು ಗಣ್ಯರು ಅಭಿಪ್ರಾಯಪಟ್ಟರು. ನಾಟಕ ಪ್ರದರ್ಶನದ ಮೂಲಕ ಸಮಾಜಕ್ಕೆ ಉತ್ತಮ ಸಂದೇಶ ನೀಡಲಾಗುತ್ತದೆ. ಗ್ರಾಮೀಣ ಕಲೆ, ಸಂಸ್ಕೃತಿ ಉಳಿಸಲು ಎಲ್ಲರೂ ಸಹಕರಿಸಬೇಕು ಎಂದರು. ನಾಟಕದಲ್ಲಿ ಅಭಿನಯಿಸಿದ ಕಲಾವಿದರನ್ನು ಸನ್ಮಾನಿಸಲಾಯಿತು. ಗ್ರಾಮ ಪಂಚಾಯಿತಿ ಅಧ್ಯಕ್ಷರು, ಸದಸ್ಯರು, ಜನಪ್ರತಿನಿಧಿಗಳು, ಗ್ರಾಮದ ಮುಖಂಡರು ಹಾಗೂ ಗ್ರಾಮಸ್ಥರು ಹಾಜರಿದ್ದರು.
ಹಾಸನ ನಗರದ ಕಾಮಧೇನು ವಿದ್ಯಾಶ್ರಮ ಹಾಗೂ ಚೈತನ್ಯ ಮಂದಿರ ವೃದ್ಧಾಶ್ರಮದಲ್ಲಿ ಮಾಜಿ ಸಿಎಂ ಬಿ.ಎಸ್. ಯಡಿಯೂರಪ್ಪನವರ 82ನೇ ಜನ್ಮದಿನವನ್ನು ಆಚರಿಸಲಾಯಿತು. ಈ ವೇಳೆ ಬಿಜೆಪಿ ಜಿಲ್ಲಾ ಪ್ರಧಾನ ಕಾರ್ಯದರ್ಶಿ ಅಮಿತ್ ಕುಮಾರ್ ಶೆಟ್ಟಿ, ನಗರ ಮಂಡಲದ ಅಧ್ಯಕ್ಷ ಯೋಗೀಶ್ (ಮಂಜು), ಮಾಜಿ ಯುವ ಮೋರ್ಚಾ ಅಧ್ಯಕ್ಷ ಚೇತನ್ ಸೇರಿದಂತೆ ಇತರರಿದ್ದರು.
ಗರ್ಭ ಕೊರಳ ಕ್ಯಾನ್ಸರ್‌ಗೆ ಎಚ್‌ಪಿವಿ ಲಸಿಕೆ ಮದ್ದು
▪ಹಾಸನ: ಮಹಿಳೆಯರಲ್ಲಿ ಹೆಚ್ಚಾಗಿ ಕಾಣಿಸಿಕೊಳ್ಳುತ್ತಿರುವ ಗರ್ಭ ಕೊರಳ ಕ್ಯಾನ್ಸರ್ ನಿಯಂತ್ರಣಕ್ಕೆ ಎಚ್‌ಪಿವಿ ಲಸಿಕೆ ಪರಿಣಾಮಕಾರಿ ಎಂದು ಜಿಲ್ಲಾ ಆರೋಗ್ಯಾಧಿಕಾರಿ ಡಾ. ಅನಿಲ್ ಕುಮಾರ್ ಹೇಳಿದರು. ನಗರದ ಹೊರ ವಲಯದಲ್ಲಿರುವ ಶಾಲೆಯೊಂದರಲ್ಲಿ ಆಯೋಜಿಸಿದ್ದ ಜಾಗೃತಿ ಕಾರ್ಯಕ್ರಮದಲ್ಲಿ ಮಾತನಾಡಿದ ಅವರು, 9 ರಿಂದ 14 ವರ್ಷದ ಹೆಣ್ಣು ಮಕ್ಕಳಿಗೆ ಈ ಲಸಿಕೆ ನೀಡಲಾಗುತ್ತದೆ. ಪೋಷಕರು ಯಾವುದೇ ಆತಂಕವಿಲ್ಲದೆ ಮಕ್ಕಳಿಗೆ ಲಸಿಕೆ ಹಾಕಿಸಬೇಕು ಎಂದರು. ಆರಂಭಿಕ ಹಂತದಲ್ಲಿ ರೋಗ ಪತ್ತೆಯಾದರೆ ಚಿಕಿತ್ಸೆ ಸುಲಭ. ರೋಗ ಲಕ್ಷಣಗಳು ಕಂಡುಬಂದಲ್ಲಿ ತಕ್ಷಣ ವೈದ್ಯರನ್ನು ಸಂಪರ್ಕಿಸಬೇಕು. ಕ್ಯಾನ್ಸರ್ ಬಗ್ಗೆ ಜನರಲ್ಲಿ ಜಾಗೃತಿ ಮೂಡಿಸುವುದು ಅಗತ್ಯ ಎಂದು ಹೇಳಿದರು. ಕಾರ್ಯಕ್ರಮದಲ್ಲಿ ಸಂಸ್ಥೆಯ ಕಾರ್ಯದರ್ಶಿ ಮತ್ತು ವಕೀಲ ಬಿ.ವಿ ಶಿವಕುಮಾರ್, ಮಾತನಾಡಿ, ಸಂಸ್ಥೆ ಸ್ಥಾಪನೆಯಾದ ದಿನದಿಂದ ವಿದ್ಯಾರ್ಥಿಗಳಿಗೆ ಗುಣಮಟ್ಟದ ಶಿಕ್ಷಣ ನೀಡುತ್ತಿದ್ದೇವೆ ಎಂದರು. ಶಾಲೆಯ ಶಿಕ್ಷಕರು, ಆರೋಗ್ಯ ಇಲಾಖೆಯ ಸಿಬ್ಬಂದಿ ಹಾಗೂ ವಿದ್ಯಾರ್ಥಿಗಳು ಹಾಜರಿದ್ದರು.
ಎಚ್‌ಪಿವಿ ಲಸಿಕಾ ಜಾಗೃತಿ ಕಾರ್ಯಕ್ರಮ
ಮಹಿಳೆಯರಲ್ಲಿ ಹೆಚ್ಚಾಗಿ ಕಾಣಿಸಿಕೊಳ್ಳುತ್ತಿರುವ ಗರ್ಭ ಕೊರಳ ಕ್ಯಾನ್ಸರ್ ನಿಯಂತ್ರಣಕ್ಕೆ ಎಚ್‌ಪಿವಿ ಲಸಿಕೆ ಪರಿಣಾಮಕಾರಿ ಎಂದು ಜಿಲ್ಲಾ ಆರೋಗ್ಯಾಧಿಕಾರಿ ಡಾ. ಅನಿಲ್ ಕುಮಾರ್ ಹೇಳಿದರು. ನಗರದ ಹೊರ ವಲಯದಲ್ಲಿರುವ ಶಾಲೆಯೊಂದರಲ್ಲಿ ಆಯೋಜಿಸಿದ್ದ ಜಾಗೃತಿ ಕಾರ್ಯಕ್ರಮದಲ್ಲಿ ಮಾತನಾಡಿದ ಅವರು, 9 ರಿಂದ 14 ವರ್ಷದ ಹೆಣ್ಣು ಮಕ್ಕಳಿಗೆ ಈ ಲಸಿಕೆ ನೀಡಲಾಗುತ್ತದೆ. ಪೋಷಕರು ಯಾವುದೇ ಆತಂಕವಿಲ್ಲದೆ ಮಕ್ಕಳಿಗೆ ಲಸಿಕೆ ಹಾಕಿಸಬೇಕು ಎಂದರು. ಆರಂಭಿಕ ಹಂತದಲ್ಲಿ ರೋಗ ಪತ್ತೆಯಾದರೆ ಚಿಕಿತ್ಸೆ ಸುಲಭ. ರೋಗ ಲಕ್ಷಣಗಳು ಕಂಡುಬಂದಲ್ಲಿ ತಕ್ಷಣ ವೈದ್ಯರನ್ನು ಸಂಪರ್ಕಿಸಬೇಕು. ಕ್ಯಾನ್ಸರ್ ಬಗ್ಗೆ ಜನರಲ್ಲಿ ಜಾಗೃತಿ ಮೂಡಿಸುವುದು ಅಗತ್ಯ ಎಂದು ಹೇಳಿದರು. ಕಾರ್ಯಕ್ರಮದಲ್ಲಿ ಸಂಸ್ಥೆಯ ಕಾರ್ಯದರ್ಶಿ ಮತ್ತು ವಕೀಲ ಬಿ.ವಿ ಶಿವಕುಮಾರ್, ಮಾತನಾಡಿ, ಸಂಸ್ಥೆ ಸ್ಥಾಪನೆಯಾದ ದಿನದಿಂದ ವಿದ್ಯಾರ್ಥಿಗಳಿಗೆ ಗುಣಮಟ್ಟದ ಶಿಕ್ಷಣ ನೀಡುತ್ತಿದ್ದೇವೆ ಎಂದರು. ಶಾಲೆಯ ಶಿಕ್ಷಕರು, ಆರೋಗ್ಯ ಇಲಾಖೆಯ ಸಿಬ್ಬಂದಿ ಹಾಗೂ ವಿದ್ಯಾರ್ಥಿಗಳು ಹಾಜರಿದ್ದರು.
ರೆಡ್ ಕ್ರಾಸ್ ಚಟುವಟಿಕೆಗಳ ಉದ್ಘಾಟನಾ ಸಮಾರಂಭ ಊರನ್ನು ಪ್ರಸಿದ್ಧಗೊಳಿಸುವ ಶಕ್ತಿ ಸಾಹಿತಿಗಿದೆ
▪ಅರಕಲಗೂಡು: ಒಂದು ಊರಿನ ಹೆಸರನ್ನು ವಿಶ್ವವ್ಯಾಪಿ ಪಸರಿಸುವಂತೆ ಮಾಡುವುದು ಒಬ್ಬ ಸಾಹಿತಿಯಿಂದ ಮಾತ್ರ ಸಾಧ್ಯ. ನಾಡಿನ ಸಂಸ್ಕೃತಿ, ಪರಂಪರೆ ಉಳಿಸುವಲ್ಲಿ ಸಾಹಿತಿಗಳ ಪಾತ್ರ ಮಹತ್ವದ್ದು ಎಂದು ಸಾಹಿತಿಗಳು ಹೇಳಿದರು. ಪಟ್ಟಣದ ಸರ್ಕಾರಿ ಪ್ರಥಮ ದರ್ಜೆ ಕಾಲೇಜಿನಲ್ಲಿ 2024-25ನೇ ಸಾಲಿನ ಸಾಂಸ್ಕೃತಿಕ, ಕ್ರೀಡೆ, ಎನ್‌ಎಸ್‌ಎಸ್, ಸ್ಕೌಟ್ಸ್ ಗೈಡ್ಸ್, ರೆಡ್ ಕ್ರಾಸ್ ಚಟುವಟಿಕೆಗಳ ಉದ್ಘಾಟನಾ ಸಮಾರಂಭದಲ್ಲಿ ಮುಖ್ಯ ಅತಿಥಿಗಳಾಗಿ ಭಾಗವಹಿಸಿ ಮಾತನಾಡಿದರು. ವಿದ್ಯಾರ್ಥಿಗಳು ಓದಿನ ಜತೆಗೆ ಸಾಹಿತ್ಯ, ಕಲೆಯಲ್ಲಿ ತೊಡಗಿಸಿಕೊಳ್ಳಬೇಕು ಎಂದರು.
ಓದು, ಬರಹ, ಚಿಂತನೆ ಬೆಳೆಸಿಕೊಳ್ಳಬೇಕು. ಸಾಹಿತ್ಯ ಓದುವುದರಿಂದ ವ್ಯಕ್ತಿತ್ವ ವಿಕಸನಗೊಳ್ಳುತ್ತದೆ. ಕಾಲೇಜಿನ ಪ್ರಾಂಶುಪಾಲರು ಅಧ್ಯಕ್ಷತೆ ವಹಿಸಿ ಮಾತನಾಡಿ, ವಿದ್ಯಾರ್ಥಿಗಳು ಪಠ್ಯೇತರ ಚಟುವಟಿಕೆಗಳಲ್ಲಿ ಭಾಗವಹಿಸಿ ವ್ಯಕ್ತಿತ್ವ ರೂಪಿಸಿಕೊಳ್ಳಬೇಕು ಎಂದರು. ಪ್ರಾಧ್ಯಾಪಕರು, ಸಿಬ್ಬಂದಿ ಹಾಗೂ ವಿದ್ಯಾರ್ಥಿಗಳು ಉಪಸ್ಥಿತರಿದ್ದರು.
35 ಫಲಾನುಭವಿಗಳಿಗೆ ಪಂಪ್‌ಸೆಟ್ ವಿತರಣೆ
▪ಅರಸೀಕೆರೆ: ಪರಿಶಿಷ್ಟ ಜಾತಿ, ಪಂಗಡ ಹಾಗೂ ಹಿಂದುಳಿದ ವರ್ಗದ ರೈತರ ಆರ್ಥಿಕ ಅಭಿವೃದ್ಧಿಗೆ ಸರ್ಕಾರ ಗಂಗಾ ಕಲ್ಯಾಣ ಯೋಜನೆ ಜಾರಿಗೆ ತಂದಿದ್ದು, ಫಲಾನುಭವಿಗಳು ಯೋಜನೆಯ ಸದುಪಯೋಗ ಪಡೆದುಕೊಳ್ಳಬೇಕು ಎಂದು ಶಾಸಕ ಕೆ.ಎಂ. ಶಿವಲಿಂಗೇಗೌಡ ಹೇಳಿದರು. ನಗರದ ಪ್ರವಾಸಿ ಮಂದಿರದ ಆವರಣದಲ್ಲಿ ಅಂಬೇಡ್ಕರ್ ಅಭಿವೃದ್ಧಿ ನಿಗಮದಿಂದ ಗಂಗಾಕಲ್ಯಾಣ ಯೋಜನೆಯಡಿ 35 ಫಲಾನುಭವಿಗಳಿಗೆ ಪಂಪ್ ಸೆಟ್ ಮತ್ತು ಇತರ ಉಪಕರಣಗಳನ್ನು ವಿತರಿಸಿ ಮಾತನಾಡಿದರು. ರೈತರು ಪಂಪ್ ಸೆಟ್‌ಗಳನ್ನು ಸಮರ್ಪಕವಾಗಿ ಬಳಸಿಕೊಂಡು ಕೃಷಿಯಲ್ಲಿ ಉತ್ತಮ ಇಳುವರಿ ಪಡೆದು ಆರ್ಥಿಕವಾಗಿ ಸದೃಢರಾಗಬೇಕು. ಸುಮಾರು 200 ಕೊಳವೆ ಬಾವಿಗಳನ್ನು ಕೊರೆಸಲಾಗಿದೆ ಎಂದರು. ನಿಗಮದ ಅಧಿಕಾರಿಗಳು, ಜನಪ್ರತಿನಿಧಿಗಳು ಹಾಗೂ ಫಲಾನುಭವಿಗಳು ಹಾಜರಿದ್ದರು.
3ನೇ ತ್ರೈಮಾಸಿಕ ಕೆಡಿಪಿ ಪ್ರಗತಿ ಪರಿಶೀಲನಾ ಸಭೆ
ಕುಡಿಯುವ ನೀರಿಗೆ ಹೆಚ್ಚಿನ ಗಮನಹರಿಸಿ
▪ಹಾಸನ: ಮಕ್ಕಳಿಗೆ ಉತ್ತಮ ವಿದ್ಯಾಭ್ಯಾಸ ನೀಡುವ ನಿಟ್ಟಿನಲ್ಲಿ ಮೂಲಭೂತ ಸೌಕರ್ಯಗಳಿಗೆ ಆದ್ಯತೆ ನೀಡಬೇಕು. ಬೇಸಿಗೆ ಆರಂಭವಾಗುತ್ತಿರುವುದರಿಂದ ಗ್ರಾಮೀಣ ಪ್ರದೇಶಗಳಲ್ಲಿ ಕುಡಿಯುವ ನೀರಿನ ಸಮಸ್ಯೆ ಉಂಟಾಗದಂತೆ ಅಧಿಕಾರಿಗಳು ಹೆಚ್ಚಿನ ಗಮನಹರಿಸಬೇಕು ಎಂದು ಜಿಲ್ಲಾ ಉಸ್ತುವಾರಿ ಕಾರ್ಯದರ್ಶಿ ಸೂಚನೆ ನೀಡಿದರು. ನಗರದ ಜಿಲ್ಲಾ ಪಂಚಾಯಿತಿ ಸಭಾಂಗಣದಲ್ಲಿ ನಡೆದ 3ನೇ ತ್ರೈಮಾಸಿಕ ಕೆ.ಡಿ.ಪಿ ಪ್ರಗತಿ ಪರಿಶೀಲನಾ ಸಭೆಯ ಅಧ್ಯಕ್ಷತೆ ವಹಿಸಿ ಮಾತನಾಡಿದರು. ಮಕ್ಕಳಿಗೆ ಉತ್ತಮ ವಿದ್ಯಾಭ್ಯಾಸ ನೀಡಬೇಕು. ಶಾಲೆಗಳಲ್ಲಿ ಶೌಚಾಲಯ, ಕುಡಿಯುವ ನೀರು ವ್ಯವಸ್ಥೆ ಕಲ್ಪಿಸಬೇಕು. ಪ್ರಗತಿ ಸಾಧಿಸದ ಇಲಾಖೆಗಳ ಅಧಿಕಾರಿಗಳ ವಿರುದ್ಧ ಕ್ರಮ ಕೈಗೊಳ್ಳಲಾಗುವುದು. ಶಿಕ್ಷಕರು ಮಕ್ಕಳ ಬಗ್ಗೆ ನಿರಂತರವಾಗಿ ಗಮನಹರಿಸಿ ಎಸ್‌ಎಸ್‌ಎಲ್‌ಸಿ ಫಲಿತಾಂಶ ಸುಧಾರಣೆಗೆ ಶ್ರಮಿಸಬೇಕು ಎಂದರು. ಜಿಲ್ಲಾಧಿಕಾರಿ, ಜಿ.ಪಂ ಸಿಇಒ ಸೇರಿದಂತೆ ವಿವಿಧ ಇಲಾಖೆಗಳ ಅಧಿಕಾರಿಗಳು ಸಭೆಯಲ್ಲಿ ಹಾಜರಿದ್ದರು.
ಮಕ್ಕಳಿಗೆ ಉತ್ತಮ ವಿದ್ಯಾಭ್ಯಾಸ ನೀಡುವ ನಿಟ್ಟಿನಲ್ಲಿ ಮೂಲಭೂತ ಸೌಕರ್ಯಗಳಿಗೆ ಆದ್ಯತೆ ನೀಡಬೇಕು. ಬೇಸಿಗೆ ಆರಂಭವಾಗುತ್ತಿರುವುದರಿಂದ ಗ್ರಾಮೀಣ ಪ್ರದೇಶಗಳಲ್ಲಿ ಕುಡಿಯುವ ನೀರಿನ ಸಮಸ್ಯೆ ಉಂಟಾಗದಂತೆ ಅಧಿಕಾರಿಗಳು ಹೆಚ್ಚಿನ ಗಮನಹರಿಸಬೇಕು ಎಂದು ಜಿಲ್ಲಾ ಉಸ್ತುವಾರಿ ಕಾರ್ಯದರ್ಶಿ ಸೂಚನೆ ನೀಡಿದರು. ನಗರದ ಜಿಲ್ಲಾ ಪಂಚಾಯಿತಿ ಸಭಾಂಗಣದಲ್ಲಿ ನಡೆದ 3ನೇ ತ್ರೈಮಾಸಿಕ ಕೆ.ಡಿ.ಪಿ ಪ್ರಗತಿ ಪರಿಶೀಲನಾ ಸಭೆಯ ಅಧ್ಯಕ್ಷತೆ ವಹಿಸಿ ಮಾತನಾಡಿದರು. ಮಕ್ಕಳಿಗೆ ಉತ್ತಮ ವಿದ್ಯಾಭ್ಯಾಸ ನೀಡಬೇಕು. ಶಾಲೆಗಳಲ್ಲಿ ಶೌಚಾಲಯ, ಕುಡಿಯುವ ನೀರು ವ್ಯವಸ್ಥೆ ಕಲ್ಪಿಸಬೇಕು. ಪ್ರಗತಿ ಸಾಧಿಸದ ಇಲಾಖೆಗಳ ಅಧಿಕಾರಿಗಳ ವಿರುದ್ಧ ಕ್ರಮ ಕೈಗೊಳ್ಳಲಾಗುವುದು. ಶಿಕ್ಷಕರು ಮಕ್ಕಳ ಬಗ್ಗೆ ನಿರಂತರವಾಗಿ ಗಮನಹರಿಸಿ ಎಸ್‌ಎಸ್‌ಎಲ್‌ಸಿ ಫಲಿತಾಂಶ ಸುಧಾರಣೆಗೆ ಶ್ರಮಿಸಬೇಕು ಎಂದರು. ಜಿಲ್ಲಾಧಿಕಾರಿ, ಜಿ.ಪಂ ಸಿಇಒ ಸೇರಿದಂತೆ ವಿವಿಧ ಇಲಾಖೆಗಳ ಅಧಿಕಾರಿಗಳು ಸಭೆಯಲ್ಲಿ ಹಾಜರಿದ್ದರು.
